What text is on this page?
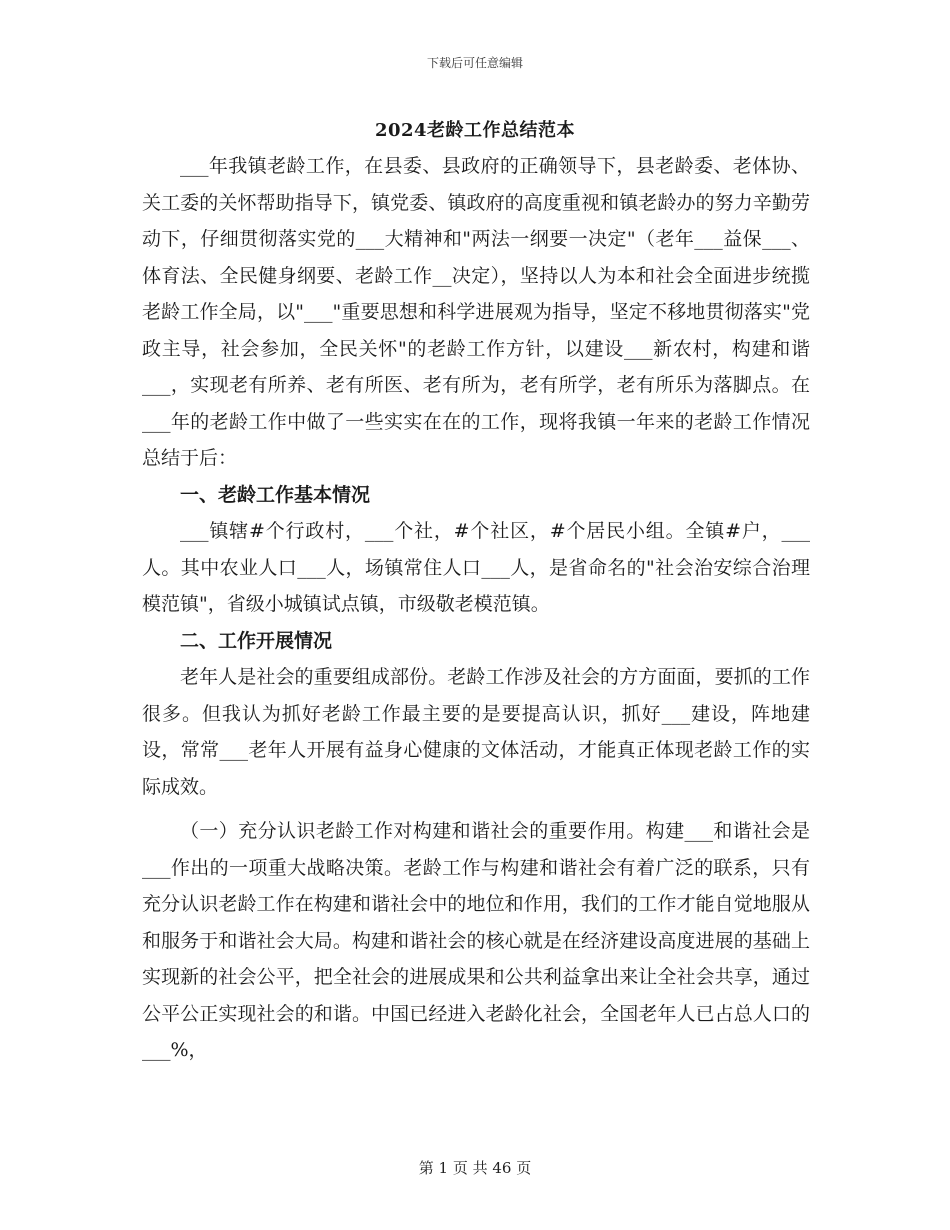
下载后可任意编辑
2024老龄工作总结范本

___年我镇老龄工作，在县委、县政府的正确领导下，县老龄委、老体协、关工委的关怀帮助指导下，镇党委、镇政府的高度重视和镇老龄办的努力辛勤劳动下，仔细贯彻落实党的___大精神和"两法一纲要一决定"（老年___益保___、体育法、全民健身纲要、老龄工作__决定），坚持以人为本和社会全面进步统揽老龄工作全局，以"___"重要思想和科学进展观为指导，坚定不移地贯彻落实"党政主导，社会参加，全民关怀"的老龄工作方针，以建设___新农村，构建和谐___，实现老有所养、老有所医、老有所为，老有所学，老有所乐为落脚点。在___年的老龄工作中做了一些实实在在的工作，现将我镇一年来的老龄工作情况总结于后：

一、老龄工作基本情况

___镇辖#个行政村，___个社，#个社区，#个居民小组。全镇#户，___人。其中农业人口___人，场镇常住人口___人，是省命名的"社会治安综合治理模范镇"，省级小城镇试点镇，市级敬老模范镇。

二、工作开展情况

老年人是社会的重要组成部份。老龄工作涉及社会的方方面面，要抓的工作很多。但我认为抓好老龄工作最主要的是要提高认识，抓好___建设，阵地建设，常常___老年人开展有益身心健康的文体活动，才能真正体现老龄工作的实际成效。

（一）充分认识老龄工作对构建和谐社会的重要作用。构建___和谐社会是___作出的一项重大战略决策。老龄工作与构建和谐社会有着广泛的联系，只有充分认识老龄工作在构建和谐社会中的地位和作用，我们的工作才能自觉地服从和服务于和谐社会大局。构建和谐社会的核心就是在经济建设高度进展的基础上实现新的社会公平，把全社会的进展成果和公共利益拿出来让全社会共享，通过公平公正实现社会的和谐。中国已经进入老龄化社会，全国老年人已占总人口的___%，

第 1 页 共 46 页
